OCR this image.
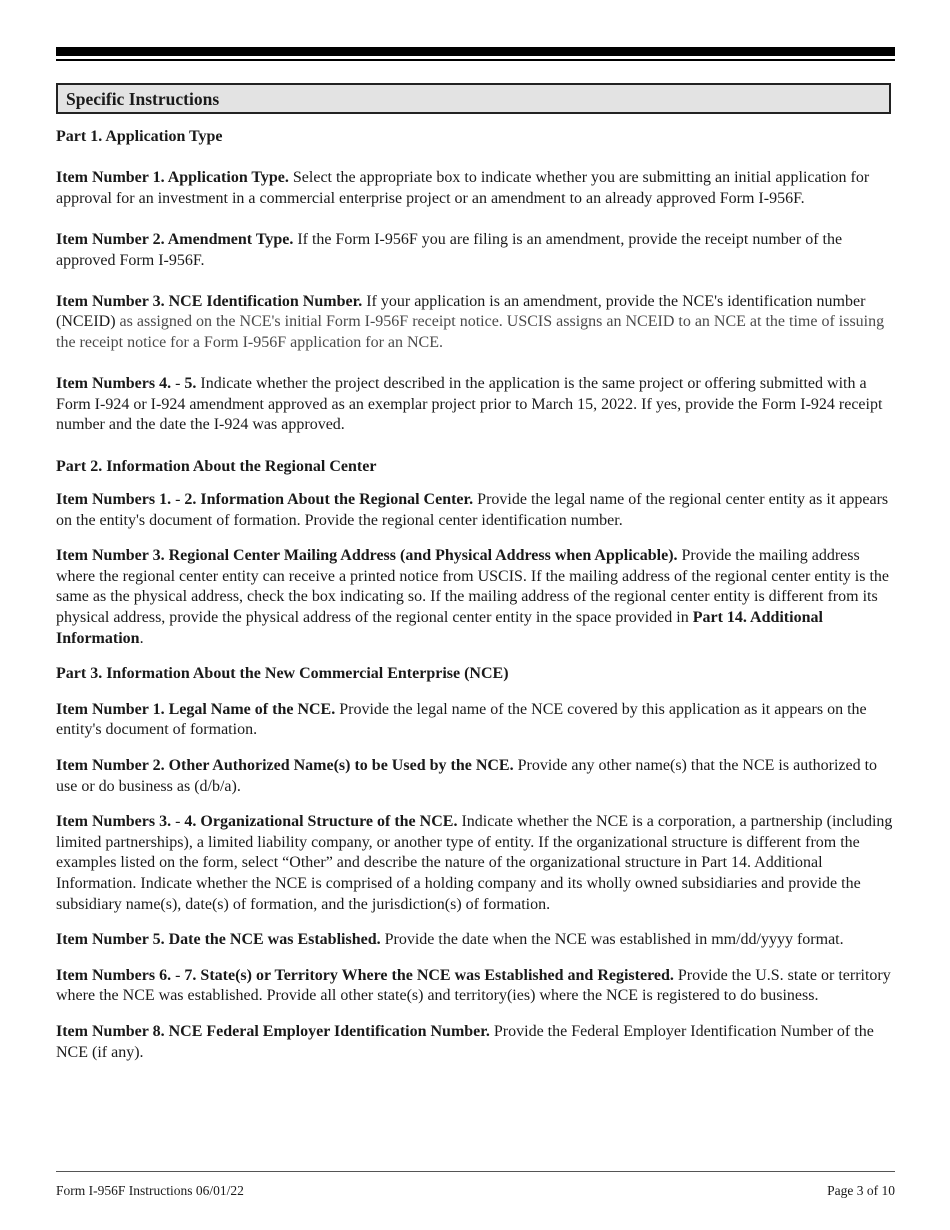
Specific Instructions

Part 1. Application Type

Item Number 1. Application Type. Select the appropriate box to indicate whether you are submitting an initial application for approval for an investment in a commercial enterprise project or an amendment to an already approved Form I-956F.

Item Number 2. Amendment Type. If the Form I-956F you are filing is an amendment, provide the receipt number of the approved Form I-956F.

Item Number 3. NCE Identification Number. If your application is an amendment, provide the NCE's identification number (NCEID) as assigned on the NCE's initial Form I-956F receipt notice. USCIS assigns an NCEID to an NCE at the time of issuing the receipt notice for a Form I-956F application for an NCE.

Item Numbers 4. - 5. Indicate whether the project described in the application is the same project or offering submitted with a Form I-924 or I-924 amendment approved as an exemplar project prior to March 15, 2022. If yes, provide the Form I-924 receipt number and the date the I-924 was approved.

Part 2. Information About the Regional Center

Item Numbers 1. - 2. Information About the Regional Center. Provide the legal name of the regional center entity as it appears on the entity's document of formation. Provide the regional center identification number.

Item Number 3. Regional Center Mailing Address (and Physical Address when Applicable). Provide the mailing address where the regional center entity can receive a printed notice from USCIS. If the mailing address of the regional center entity is the same as the physical address, check the box indicating so. If the mailing address of the regional center entity is different from its physical address, provide the physical address of the regional center entity in the space provided in Part 14. Additional Information.

Part 3. Information About the New Commercial Enterprise (NCE)

Item Number 1. Legal Name of the NCE. Provide the legal name of the NCE covered by this application as it appears on the entity's document of formation.

Item Number 2. Other Authorized Name(s) to be Used by the NCE. Provide any other name(s) that the NCE is authorized to use or do business as (d/b/a).

Item Numbers 3. - 4. Organizational Structure of the NCE. Indicate whether the NCE is a corporation, a partnership (including limited partnerships), a limited liability company, or another type of entity. If the organizational structure is different from the examples listed on the form, select “Other” and describe the nature of the organizational structure in Part 14. Additional Information. Indicate whether the NCE is comprised of a holding company and its wholly owned subsidiaries and provide the subsidiary name(s), date(s) of formation, and the jurisdiction(s) of formation.

Item Number 5. Date the NCE was Established. Provide the date when the NCE was established in mm/dd/yyyy format.

Item Numbers 6. - 7. State(s) or Territory Where the NCE was Established and Registered. Provide the U.S. state or territory where the NCE was established. Provide all other state(s) and territory(ies) where the NCE is registered to do business.

Item Number 8. NCE Federal Employer Identification Number. Provide the Federal Employer Identification Number of the NCE (if any).

Form I-956F Instructions 06/01/22	Page 3 of 10
